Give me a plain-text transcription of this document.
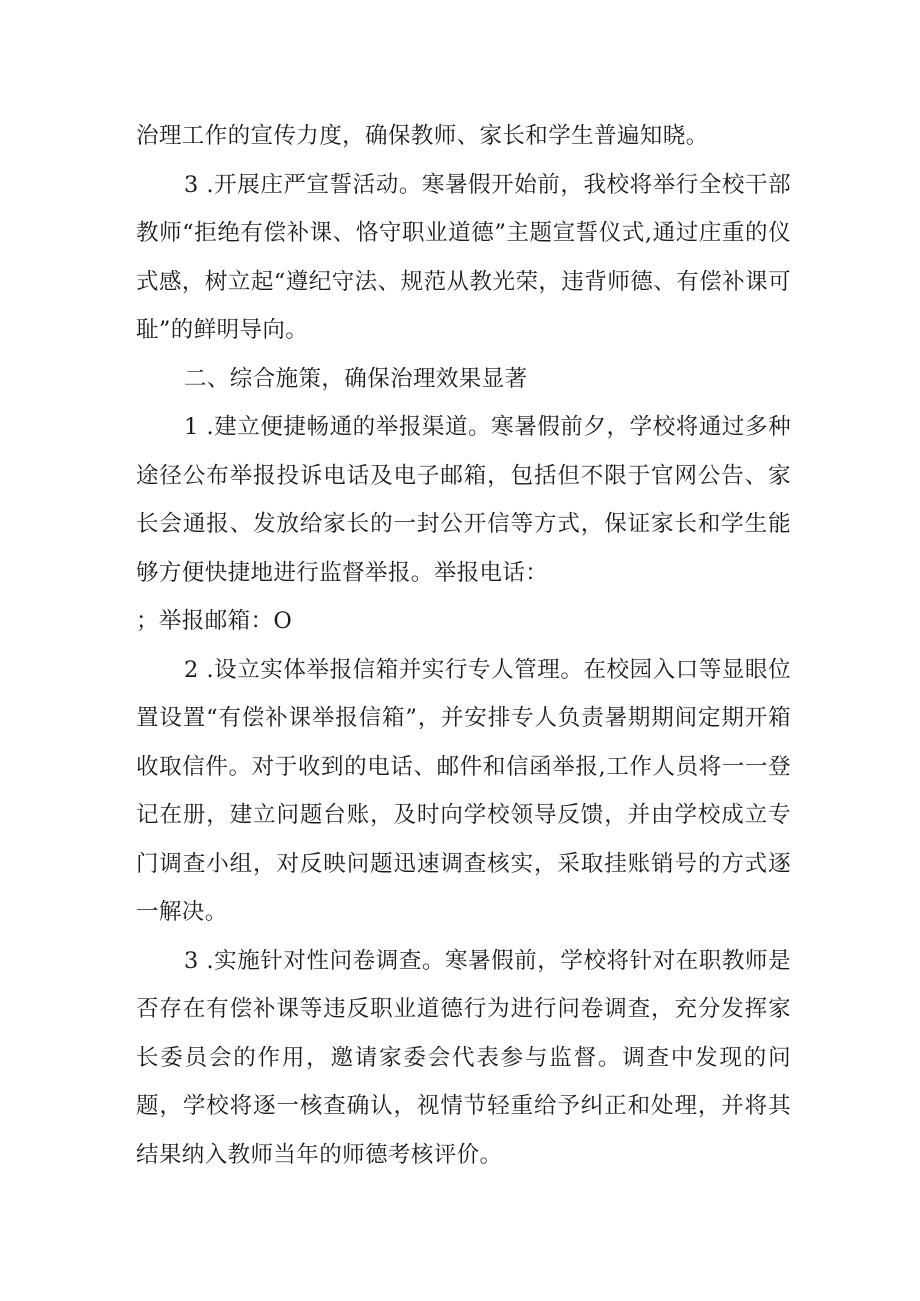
治理工作的宣传力度，确保教师、家长和学生普遍知晓。

3 .开展庄严宣誓活动。寒暑假开始前，我校将举行全校干部教师“拒绝有偿补课、恪守职业道德”主题宣誓仪式,通过庄重的仪式感，树立起“遵纪守法、规范从教光荣，违背师德、有偿补课可耻”的鲜明导向。

二、综合施策，确保治理效果显著

1 .建立便捷畅通的举报渠道。寒暑假前夕，学校将通过多种途径公布举报投诉电话及电子邮箱，包括但不限于官网公告、家长会通报、发放给家长的一封公开信等方式，保证家长和学生能够方便快捷地进行监督举报。举报电话：

；举报邮箱：O

2 .设立实体举报信箱并实行专人管理。在校园入口等显眼位置设置“有偿补课举报信箱”，并安排专人负责暑期期间定期开箱收取信件。对于收到的电话、邮件和信函举报,工作人员将一一登记在册，建立问题台账，及时向学校领导反馈，并由学校成立专门调查小组，对反映问题迅速调查核实，采取挂账销号的方式逐一解决。

3 .实施针对性问卷调查。寒暑假前，学校将针对在职教师是否存在有偿补课等违反职业道德行为进行问卷调查，充分发挥家长委员会的作用，邀请家委会代表参与监督。调查中发现的问题，学校将逐一核查确认，视情节轻重给予纠正和处理，并将其结果纳入教师当年的师德考核评价。
